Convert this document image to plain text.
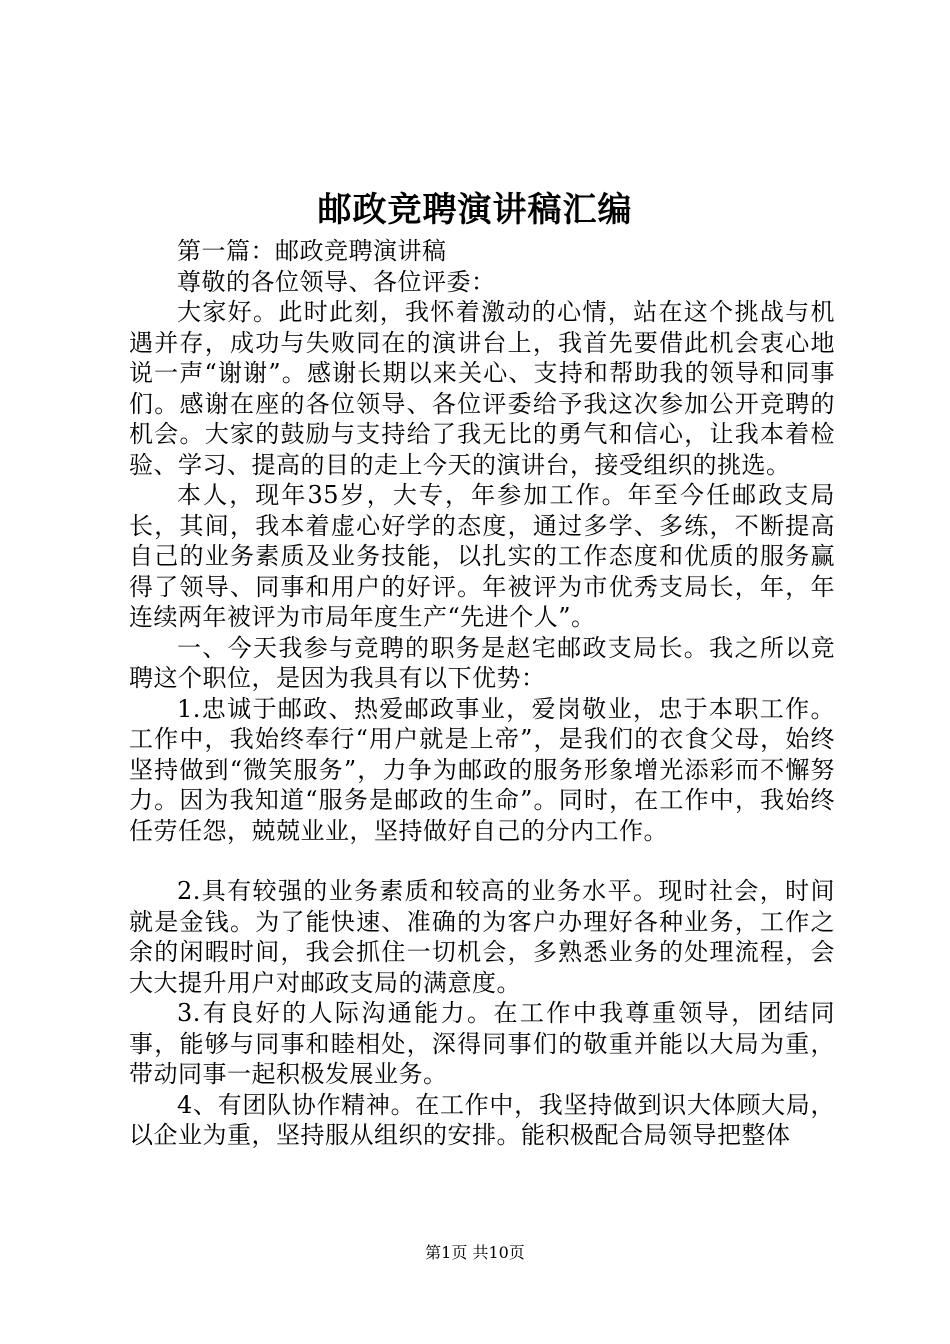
邮政竞聘演讲稿汇编

第一篇：邮政竞聘演讲稿

尊敬的各位领导、各位评委：

大家好。此时此刻，我怀着激动的心情，站在这个挑战与机遇并存，成功与失败同在的演讲台上，我首先要借此机会衷心地说一声“谢谢”。感谢长期以来关心、支持和帮助我的领导和同事们。感谢在座的各位领导、各位评委给予我这次参加公开竞聘的机会。大家的鼓励与支持给了我无比的勇气和信心，让我本着检验、学习、提高的目的走上今天的演讲台，接受组织的挑选。

本人，现年35岁，大专，年参加工作。年至今任邮政支局长，其间，我本着虚心好学的态度，通过多学、多练，不断提高自己的业务素质及业务技能，以扎实的工作态度和优质的服务赢得了领导、同事和用户的好评。年被评为市优秀支局长，年，年连续两年被评为市局年度生产“先进个人”。

一、今天我参与竞聘的职务是赵宅邮政支局长。我之所以竞聘这个职位，是因为我具有以下优势：

1.忠诚于邮政、热爱邮政事业，爱岗敬业，忠于本职工作。工作中，我始终奉行“用户就是上帝”，是我们的衣食父母，始终坚持做到“微笑服务”，力争为邮政的服务形象增光添彩而不懈努力。因为我知道“服务是邮政的生命”。同时，在工作中，我始终任劳任怨，兢兢业业，坚持做好自己的分内工作。

2.具有较强的业务素质和较高的业务水平。现时社会，时间就是金钱。为了能快速、准确的为客户办理好各种业务，工作之余的闲暇时间，我会抓住一切机会，多熟悉业务的处理流程，会大大提升用户对邮政支局的满意度。

3.有良好的人际沟通能力。在工作中我尊重领导，团结同事，能够与同事和睦相处，深得同事们的敬重并能以大局为重，带动同事一起积极发展业务。

4、有团队协作精神。在工作中，我坚持做到识大体顾大局，以企业为重，坚持服从组织的安排。能积极配合局领导把整体

第1页 共10页
